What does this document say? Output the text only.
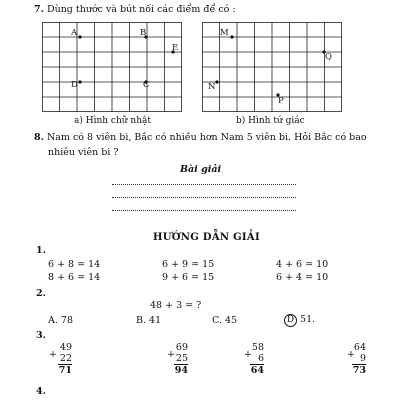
7. Dùng thước và bút nối các điểm để có :
A	B
E
D	C
M
Q
N
P
a) Hình chữ nhật	b) Hình tứ giác
8. Nam có 8 viên bi, Bắc có nhiều hơn Nam 5 viên bi. Hỏi Bắc có bao
nhiêu viên bi ?
Bài giải
HƯỚNG DẪN GIẢI
1.
6 + 8 = 14	6 + 9 = 15	4 + 6 = 10
8 + 6 = 14	9 + 6 = 15	6 + 4 = 10
2.
48 + 3 = ?
A. 78	B. 41	C. 45	D 51.
3.
+
49
22
71
+
69
25
94
+
58
6
64
+
64
9
73
4.
